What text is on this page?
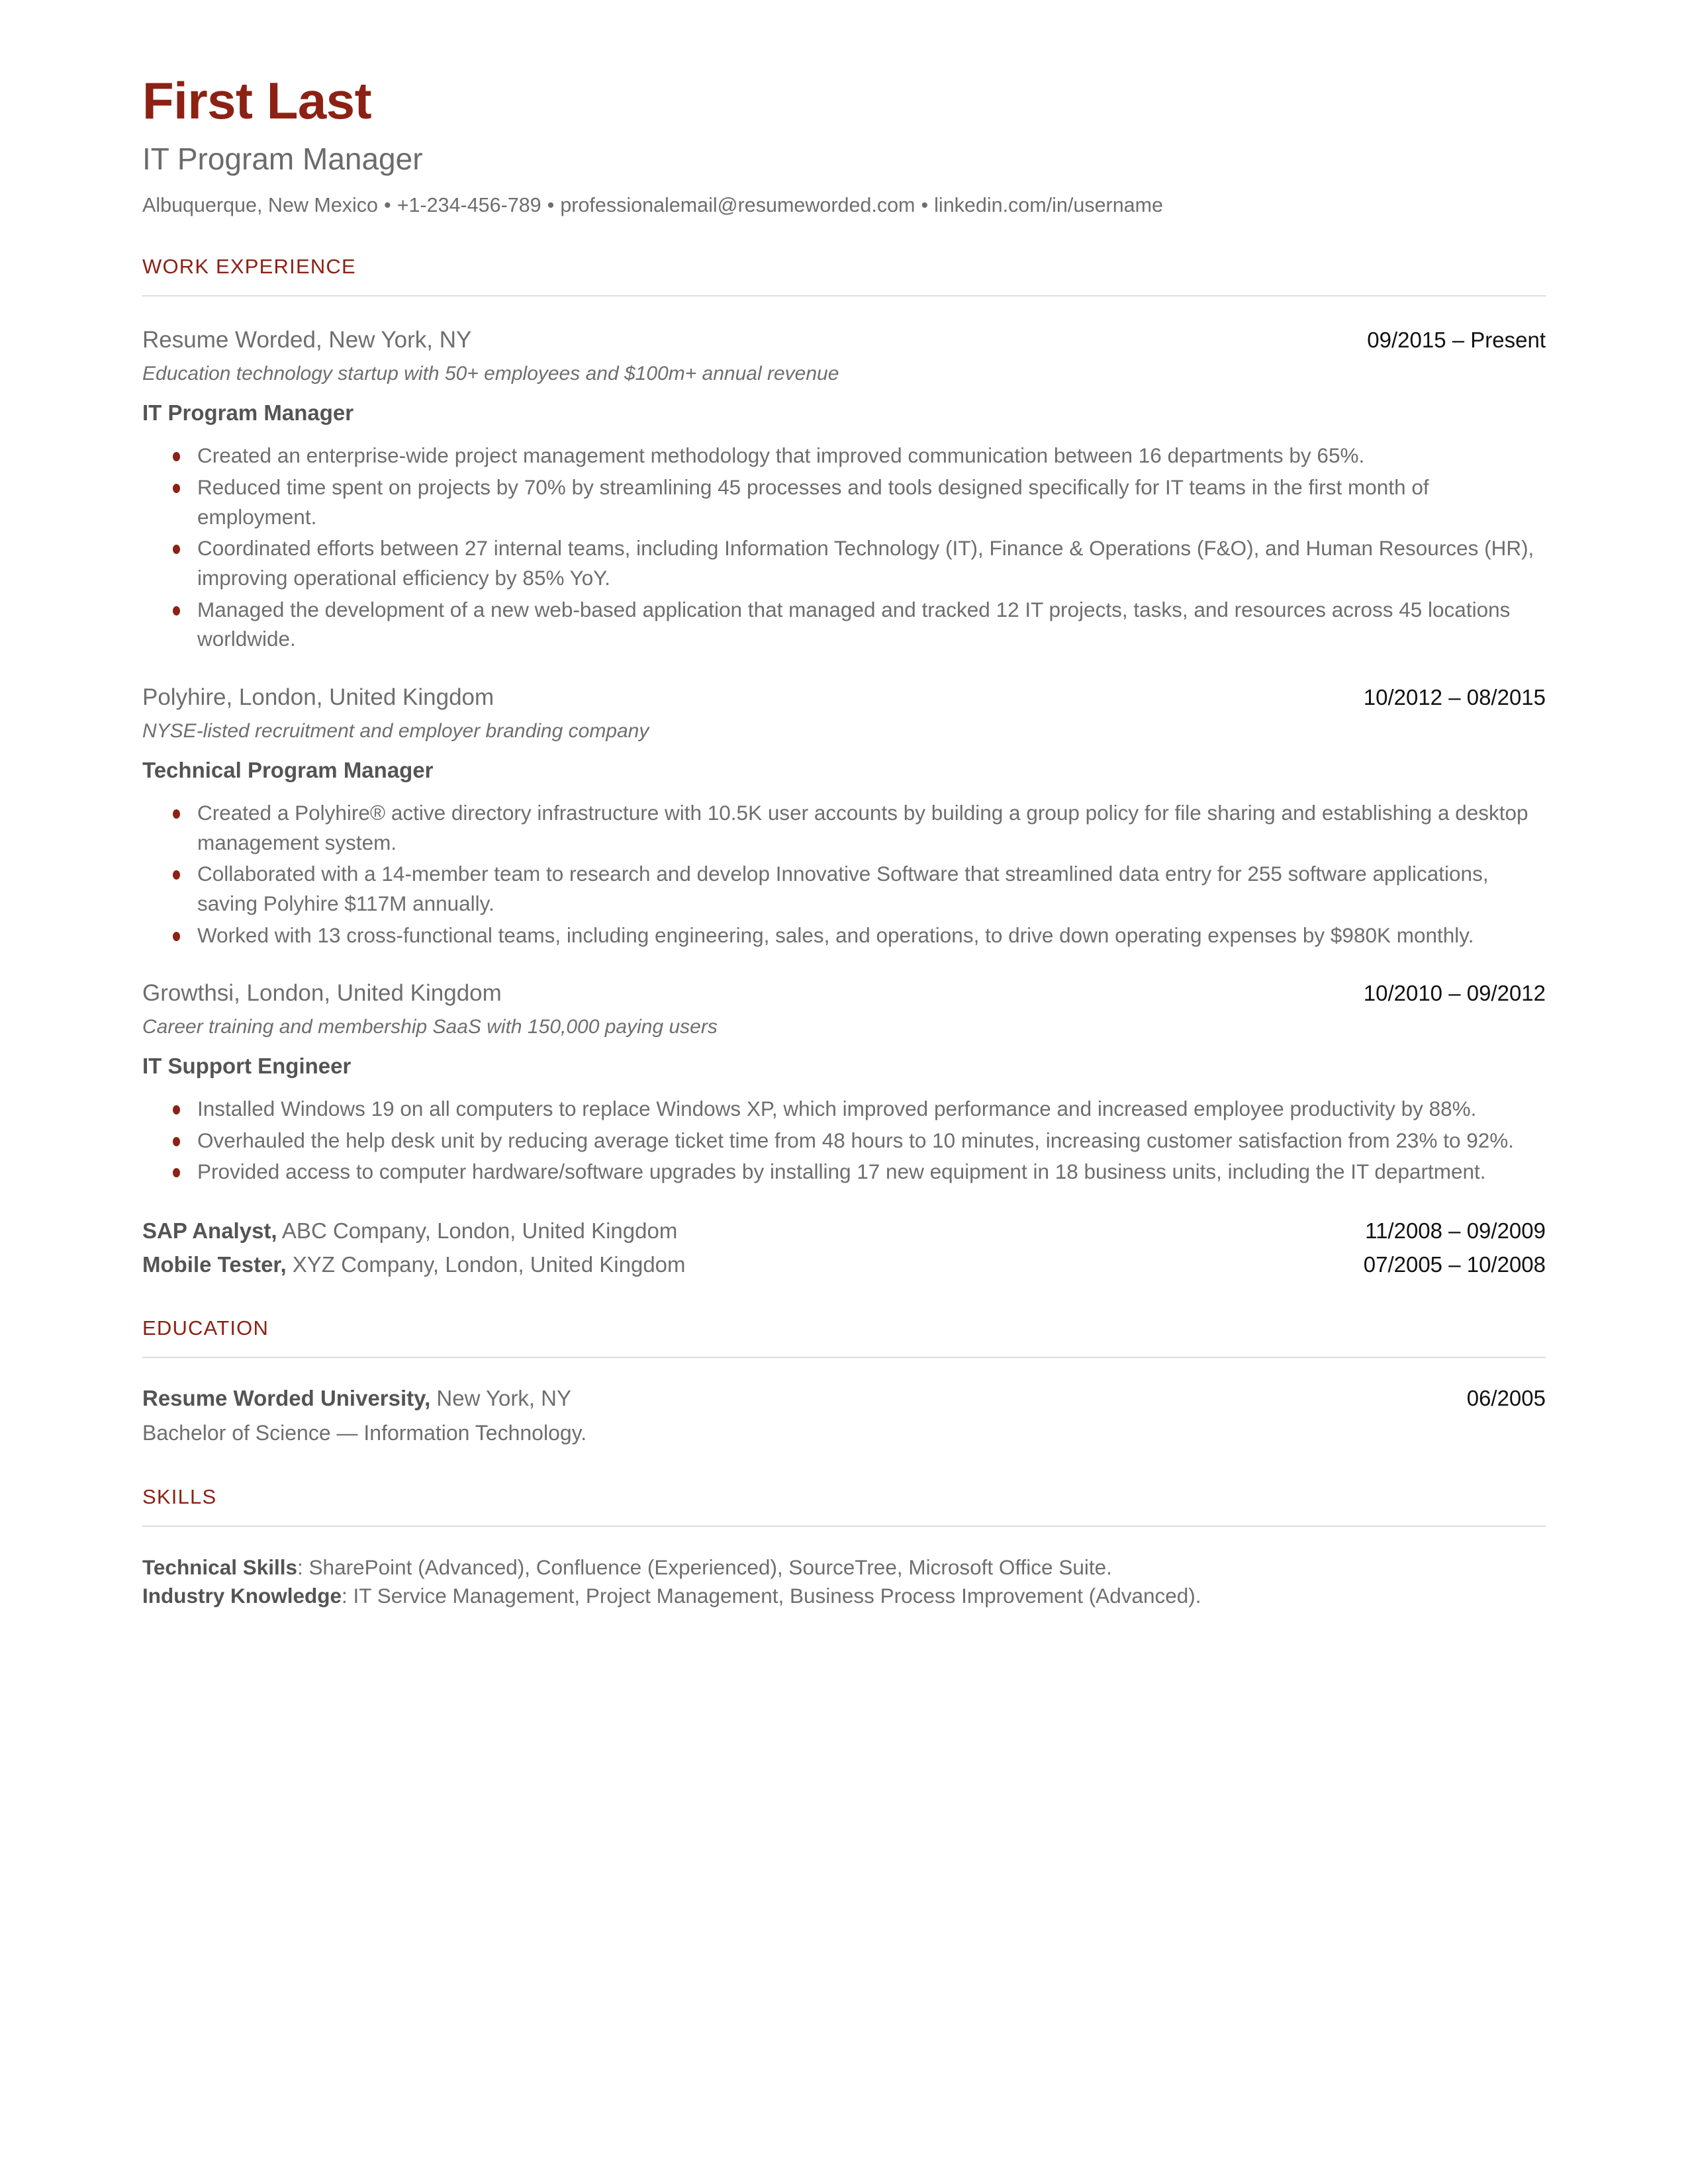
First Last
IT Program Manager
Albuquerque, New Mexico • +1-234-456-789 • professionalemail@resumeworded.com • linkedin.com/in/username
WORK EXPERIENCE
Resume Worded, New York, NY	09/2015 – Present
Education technology startup with 50+ employees and $100m+ annual revenue
IT Program Manager
Created an enterprise-wide project management methodology that improved communication between 16 departments by 65%.
Reduced time spent on projects by 70% by streamlining 45 processes and tools designed specifically for IT teams in the first month of employment.
Coordinated efforts between 27 internal teams, including Information Technology (IT), Finance & Operations (F&O), and Human Resources (HR), improving operational efficiency by 85% YoY.
Managed the development of a new web-based application that managed and tracked 12 IT projects, tasks, and resources across 45 locations worldwide.
Polyhire, London, United Kingdom	10/2012 – 08/2015
NYSE-listed recruitment and employer branding company
Technical Program Manager
Created a Polyhire® active directory infrastructure with 10.5K user accounts by building a group policy for file sharing and establishing a desktop management system.
Collaborated with a 14-member team to research and develop Innovative Software that streamlined data entry for 255 software applications, saving Polyhire $117M annually.
Worked with 13 cross-functional teams, including engineering, sales, and operations, to drive down operating expenses by $980K monthly.
Growthsi, London, United Kingdom	10/2010 – 09/2012
Career training and membership SaaS with 150,000 paying users
IT Support Engineer
Installed Windows 19 on all computers to replace Windows XP, which improved performance and increased employee productivity by 88%.
Overhauled the help desk unit by reducing average ticket time from 48 hours to 10 minutes, increasing customer satisfaction from 23% to 92%.
Provided access to computer hardware/software upgrades by installing 17 new equipment in 18 business units, including the IT department.
SAP Analyst, ABC Company, London, United Kingdom	11/2008 – 09/2009
Mobile Tester, XYZ Company, London, United Kingdom	07/2005 – 10/2008
EDUCATION
Resume Worded University, New York, NY	06/2005
Bachelor of Science — Information Technology.
SKILLS
Technical Skills: SharePoint (Advanced), Confluence (Experienced), SourceTree, Microsoft Office Suite.
Industry Knowledge: IT Service Management, Project Management, Business Process Improvement (Advanced).
